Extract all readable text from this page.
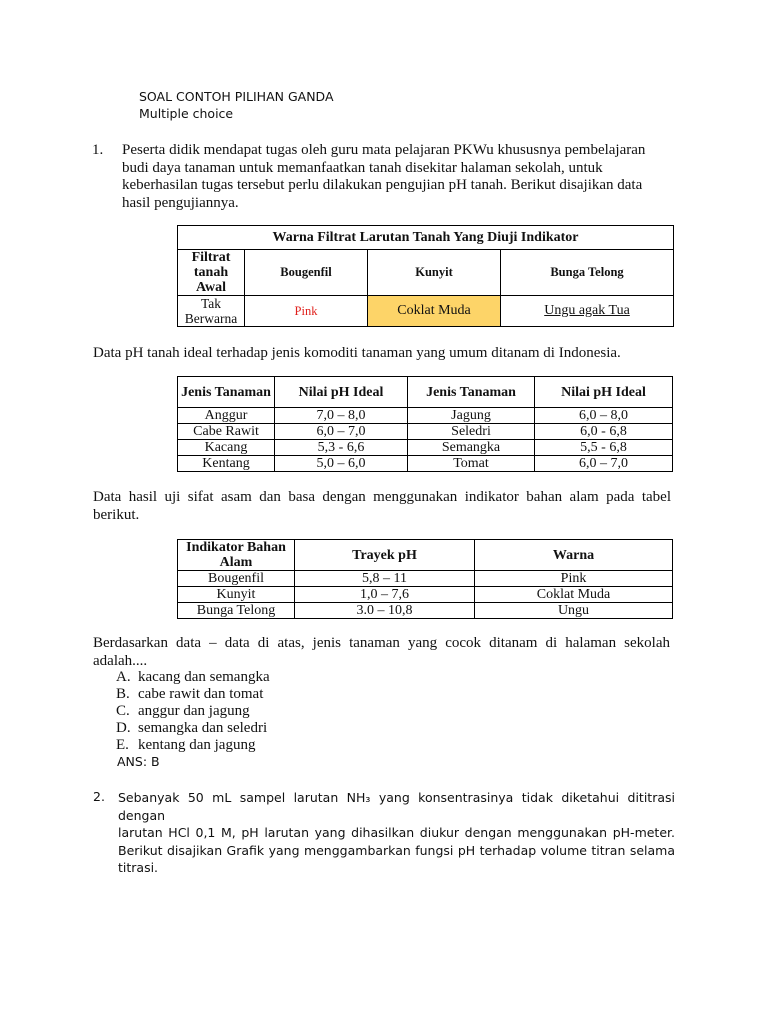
SOAL CONTOH PILIHAN GANDA
Multiple choice
1. Peserta didik mendapat tugas oleh guru mata pelajaran PKWu khususnya pembelajaran
budi daya tanaman untuk memanfaatkan tanah disekitar halaman sekolah, untuk
keberhasilan tugas tersebut perlu dilakukan pengujian pH tanah. Berikut disajikan data
hasil pengujiannya.
Warna Filtrat Larutan Tanah Yang Diuji Indikator			

Filtrat
tanah
Awal	Bougenfil	Kunyit	Bunga Telong

Tak
Berwarna	Pink	Coklat Muda	Ungu agak Tua
Data pH tanah ideal terhadap jenis komoditi tanaman yang umum ditanam di Indonesia.
Jenis Tanaman	Nilai pH Ideal	Jenis Tanaman	Nilai pH Ideal
Anggur	7,0 – 8,0	Jagung	6,0 – 8,0
Cabe Rawit	6,0 – 7,0	Seledri	6,0 - 6,8
Kacang	5,3 - 6,6	Semangka	5,5 - 6,8
Kentang	5,0 – 6,0	Tomat	6,0 – 7,0
Data hasil uji sifat asam dan basa dengan menggunakan indikator bahan alam pada tabel
berikut.
Indikator Bahan Alam	Trayek pH	Warna
Bougenfil	5,8 – 11	Pink
Kunyit	1,0 – 7,6	Coklat Muda
Bunga Telong	3.0 – 10,8	Ungu
Berdasarkan data – data di atas, jenis tanaman yang cocok ditanam di halaman sekolah
adalah....
A. kacang dan semangka
B. cabe rawit dan tomat
C. anggur dan jagung
D. semangka dan seledri
E. kentang dan jagung
ANS: B
2. Sebanyak 50 mL sampel larutan NH₃ yang konsentrasinya tidak diketahui dititrasi dengan
larutan HCl 0,1 M, pH larutan yang dihasilkan diukur dengan menggunakan pH-meter.
Berikut disajikan Grafik yang menggambarkan fungsi pH terhadap volume titran selama
titrasi.
